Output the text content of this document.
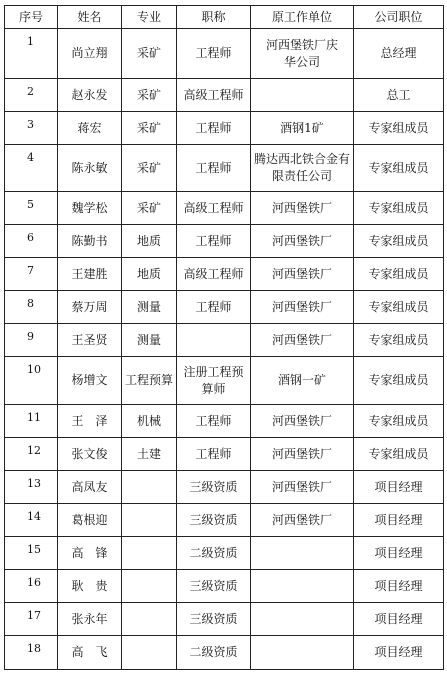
序号	姓名	专业	职称	原工作单位	公司职位
1	尚立翔	采矿	工程师	河西堡铁厂庆华公司	总经理
2	赵永发	采矿	高级工程师		总工
3	蒋宏	采矿	工程师	酒钢1矿	专家组成员
4	陈永敏	采矿	工程师	腾达西北铁合金有限责任公司	专家组成员
5	魏学松	采矿	高级工程师	河西堡铁厂	专家组成员
6	陈勤书	地质	工程师	河西堡铁厂	专家组成员
7	王建胜	地质	高级工程师	河西堡铁厂	专家组成员
8	蔡万周	测量	工程师	河西堡铁厂	专家组成员
9	王圣贤	测量		河西堡铁厂	专家组成员
10	杨增文	工程预算	注册工程预算师	酒钢一矿	专家组成员
11	王　泽	机械	工程师	河西堡铁厂	专家组成员
12	张文俊	土建	工程师	河西堡铁厂	专家组成员
13	高凤友		三级资质	河西堡铁厂	项目经理
14	葛根迎		三级资质	河西堡铁厂	项目经理
15	高　锋		二级资质		项目经理
16	耿　贵		三级资质		项目经理
17	张永年		三级资质		项目经理
18	高　飞		二级资质		项目经理
